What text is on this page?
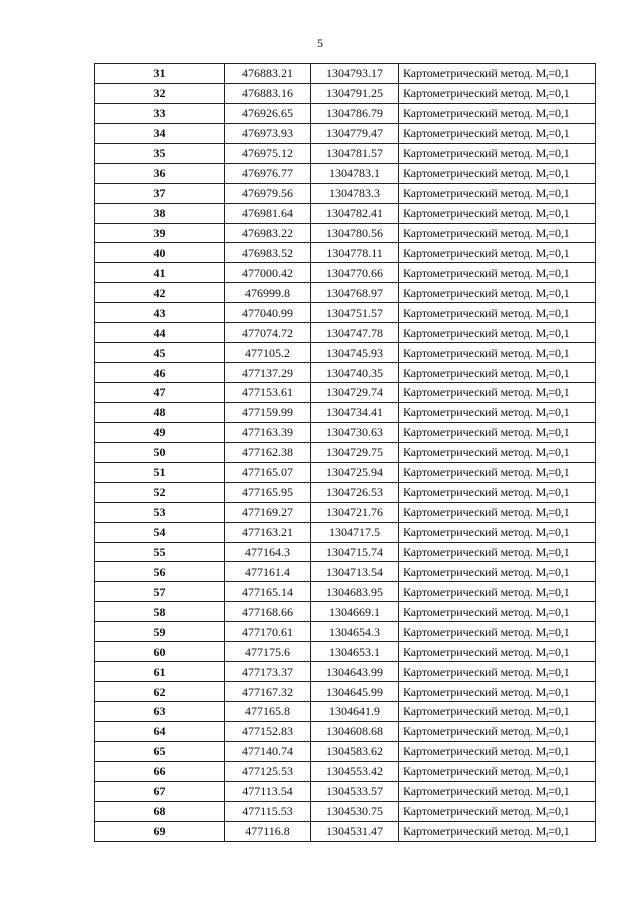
5
31	476883.21	1304793.17	Картометрический метод. $M_t=0,1$
32	476883.16	1304791.25	Картометрический метод. $M_t=0,1$
33	476926.65	1304786.79	Картометрический метод. $M_t=0,1$
34	476973.93	1304779.47	Картометрический метод. $M_t=0,1$
35	476975.12	1304781.57	Картометрический метод. $M_t=0,1$
36	476976.77	1304783.1	Картометрический метод. $M_t=0,1$
37	476979.56	1304783.3	Картометрический метод. $M_t=0,1$
38	476981.64	1304782.41	Картометрический метод. $M_t=0,1$
39	476983.22	1304780.56	Картометрический метод. $M_t=0,1$
40	476983.52	1304778.11	Картометрический метод. $M_t=0,1$
41	477000.42	1304770.66	Картометрический метод. $M_t=0,1$
42	476999.8	1304768.97	Картометрический метод. $M_t=0,1$
43	477040.99	1304751.57	Картометрический метод. $M_t=0,1$
44	477074.72	1304747.78	Картометрический метод. $M_t=0,1$
45	477105.2	1304745.93	Картометрический метод. $M_t=0,1$
46	477137.29	1304740.35	Картометрический метод. $M_t=0,1$
47	477153.61	1304729.74	Картометрический метод. $M_t=0,1$
48	477159.99	1304734.41	Картометрический метод. $M_t=0,1$
49	477163.39	1304730.63	Картометрический метод. $M_t=0,1$
50	477162.38	1304729.75	Картометрический метод. $M_t=0,1$
51	477165.07	1304725.94	Картометрический метод. $M_t=0,1$
52	477165.95	1304726.53	Картометрический метод. $M_t=0,1$
53	477169.27	1304721.76	Картометрический метод. $M_t=0,1$
54	477163.21	1304717.5	Картометрический метод. $M_t=0,1$
55	477164.3	1304715.74	Картометрический метод. $M_t=0,1$
56	477161.4	1304713.54	Картометрический метод. $M_t=0,1$
57	477165.14	1304683.95	Картометрический метод. $M_t=0,1$
58	477168.66	1304669.1	Картометрический метод. $M_t=0,1$
59	477170.61	1304654.3	Картометрический метод. $M_t=0,1$
60	477175.6	1304653.1	Картометрический метод. $M_t=0,1$
61	477173.37	1304643.99	Картометрический метод. $M_t=0,1$
62	477167.32	1304645.99	Картометрический метод. $M_t=0,1$
63	477165.8	1304641.9	Картометрический метод. $M_t=0,1$
64	477152.83	1304608.68	Картометрический метод. $M_t=0,1$
65	477140.74	1304583.62	Картометрический метод. $M_t=0,1$
66	477125.53	1304553.42	Картометрический метод. $M_t=0,1$
67	477113.54	1304533.57	Картометрический метод. $M_t=0,1$
68	477115.53	1304530.75	Картометрический метод. $M_t=0,1$
69	477116.8	1304531.47	Картометрический метод. $M_t=0,1$
